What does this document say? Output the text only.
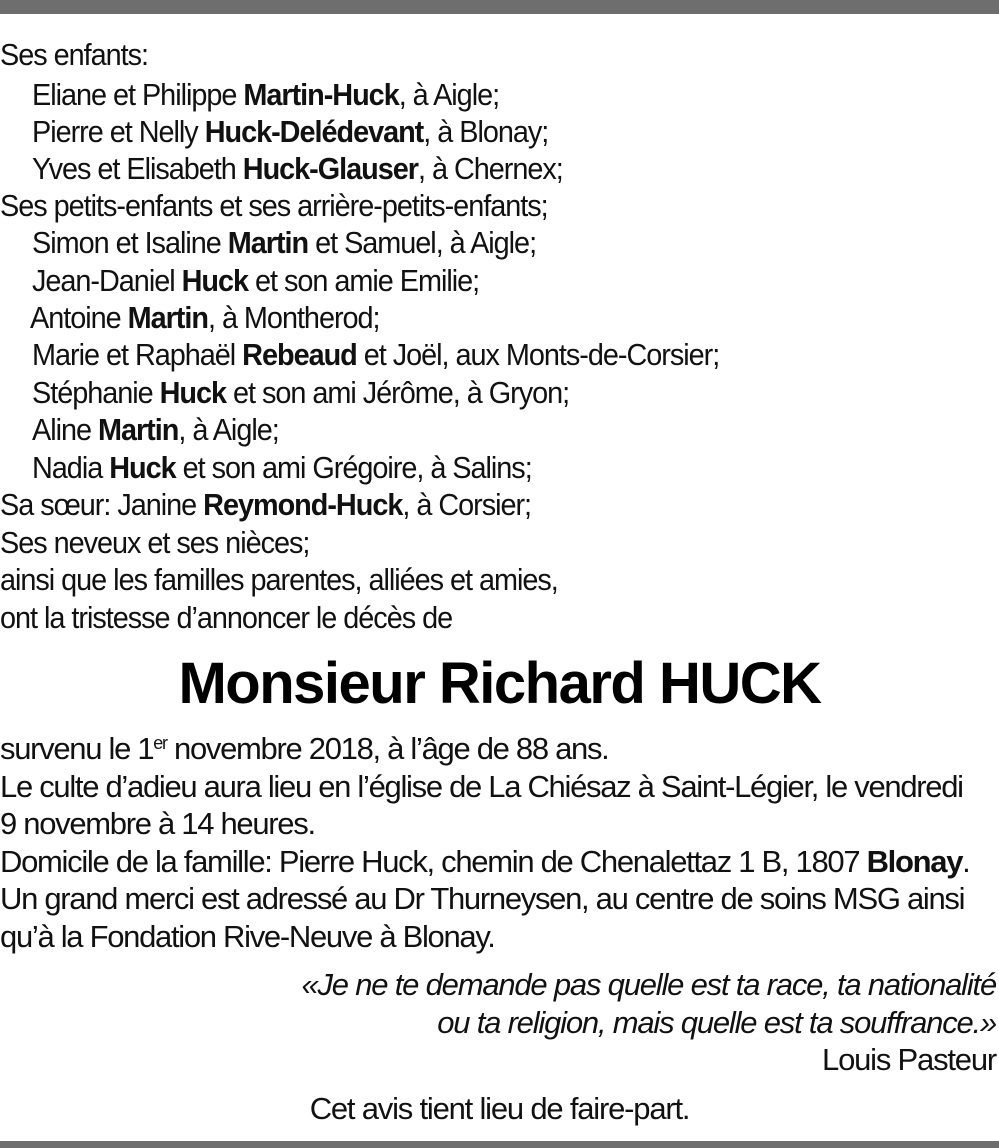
Ses enfants:
Eliane et Philippe Martin-Huck, à Aigle;
Pierre et Nelly Huck-Delédevant, à Blonay;
Yves et Elisabeth Huck-Glauser, à Chernex;
Ses petits-enfants et ses arrière-petits-enfants;
Simon et Isaline Martin et Samuel, à Aigle;
Jean-Daniel Huck et son amie Emilie;
Antoine Martin, à Montherod;
Marie et Raphaël Rebeaud et Joël, aux Monts-de-Corsier;
Stéphanie Huck et son ami Jérôme, à Gryon;
Aline Martin, à Aigle;
Nadia Huck et son ami Grégoire, à Salins;
Sa sœur: Janine Reymond-Huck, à Corsier;
Ses neveux et ses nièces;
ainsi que les familles parentes, alliées et amies,
ont la tristesse d’annoncer le décès de
Monsieur Richard HUCK
survenu le 1er novembre 2018, à l’âge de 88 ans.
Le culte d’adieu aura lieu en l’église de La Chiésaz à Saint-Légier, le vendredi
9 novembre à 14 heures.
Domicile de la famille: Pierre Huck, chemin de Chenalettaz 1 B, 1807 Blonay.
Un grand merci est adressé au Dr Thurneysen, au centre de soins MSG ainsi
qu’à la Fondation Rive-Neuve à Blonay.
«Je ne te demande pas quelle est ta race, ta nationalité
ou ta religion, mais quelle est ta souffrance.»
Louis Pasteur
Cet avis tient lieu de faire-part.
